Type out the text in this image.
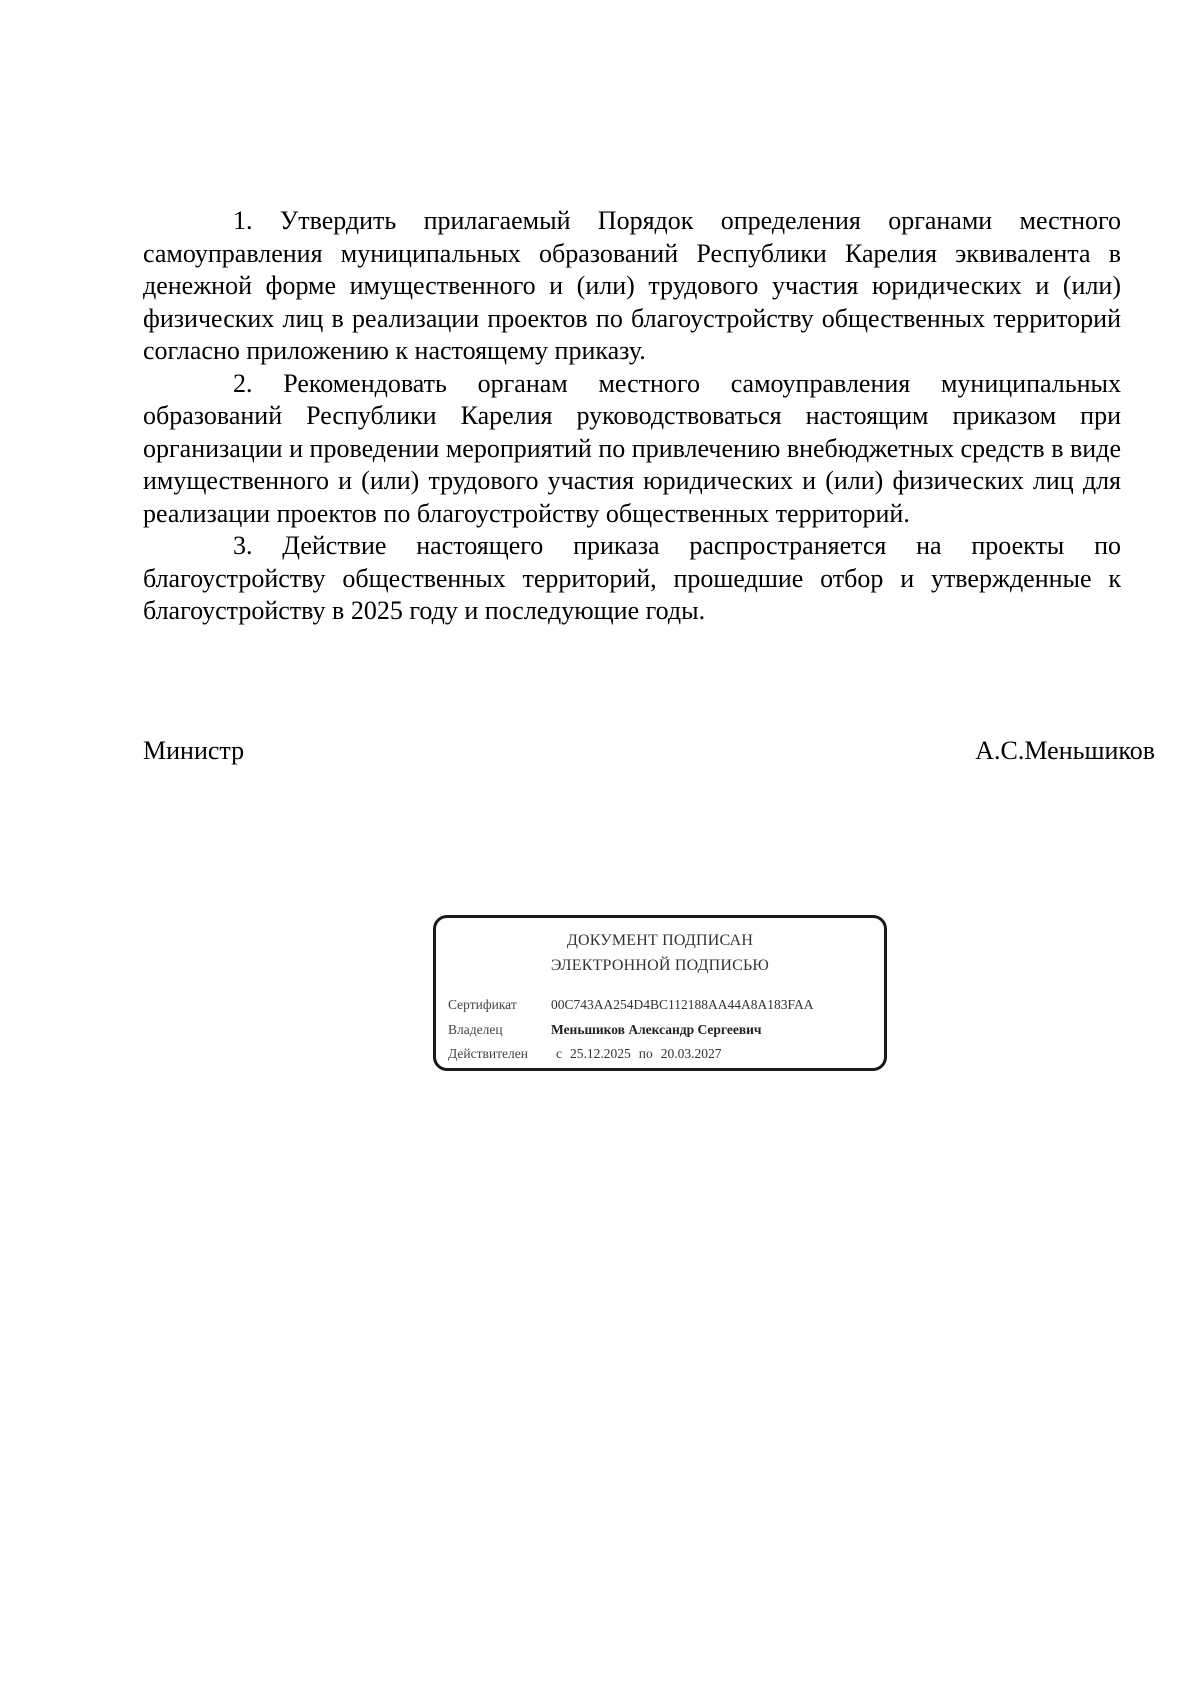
1. Утвердить прилагаемый Порядок определения органами местного самоуправления муниципальных образований Республики Карелия эквивалента в денежной форме имущественного и (или) трудового участия юридических и (или) физических лиц в реализации проектов по благоустройству общественных территорий согласно приложению к настоящему приказу.

2. Рекомендовать органам местного самоуправления муниципальных образований Республики Карелия руководствоваться настоящим приказом при организации и проведении мероприятий по привлечению внебюджетных средств в виде имущественного и (или) трудового участия юридических и (или) физических лиц для реализации проектов по благоустройству общественных территорий.

3. Действие настоящего приказа распространяется на проекты по благоустройству общественных территорий, прошедшие отбор и утвержденные к благоустройству в 2025 году и последующие годы.

Министр	А.С.Меньшиков
ДОКУМЕНТ ПОДПИСАН
ЭЛЕКТРОННОЙ ПОДПИСЬЮ
Сертификат	00C743AA254D4BC112188AA44A8A183FAA
Владелец	Меньшиков Александр Сергеевич
Действителен с 25.12.2025 по 20.03.2027
